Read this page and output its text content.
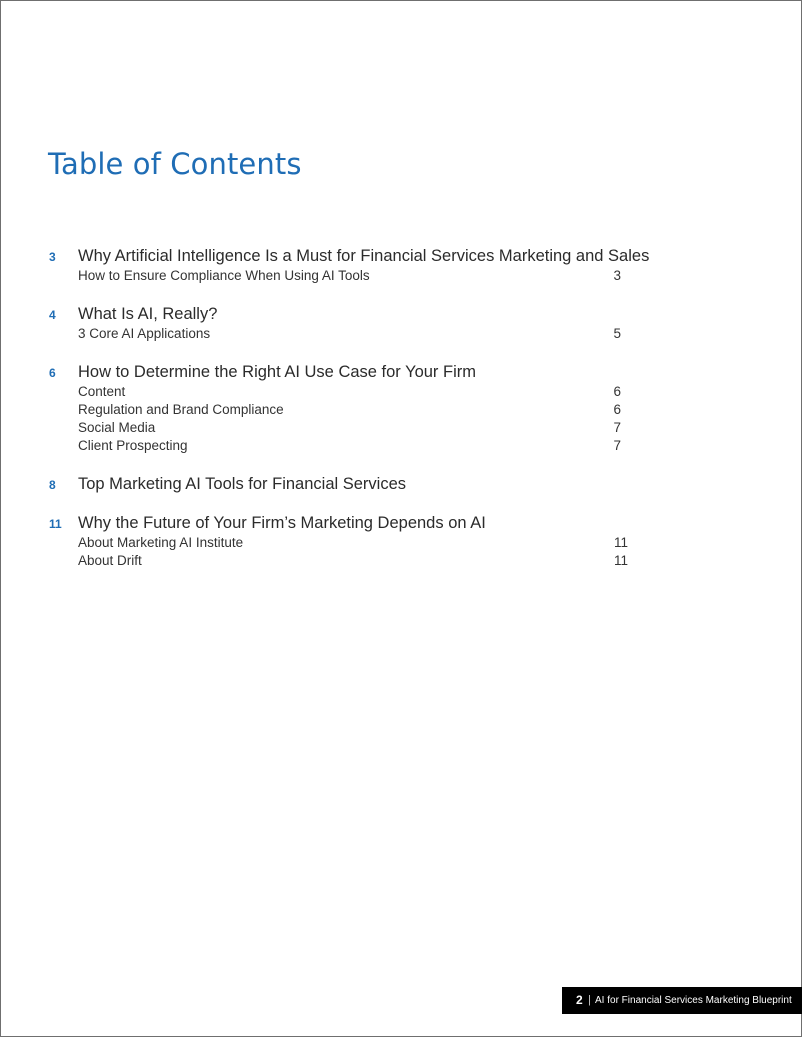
Table of Contents
3 Why Artificial Intelligence Is a Must for Financial Services Marketing and Sales
How to Ensure Compliance When Using AI Tools	3
4 What Is AI, Really?
3 Core AI Applications	5
6 How to Determine the Right AI Use Case for Your Firm
Content	6
Regulation and Brand Compliance	6
Social Media	7
Client Prospecting	7
8 Top Marketing AI Tools for Financial Services
11 Why the Future of Your Firm’s Marketing Depends on AI
About Marketing AI Institute	11
About Drift	11
2 | AI for Financial Services Marketing Blueprint
